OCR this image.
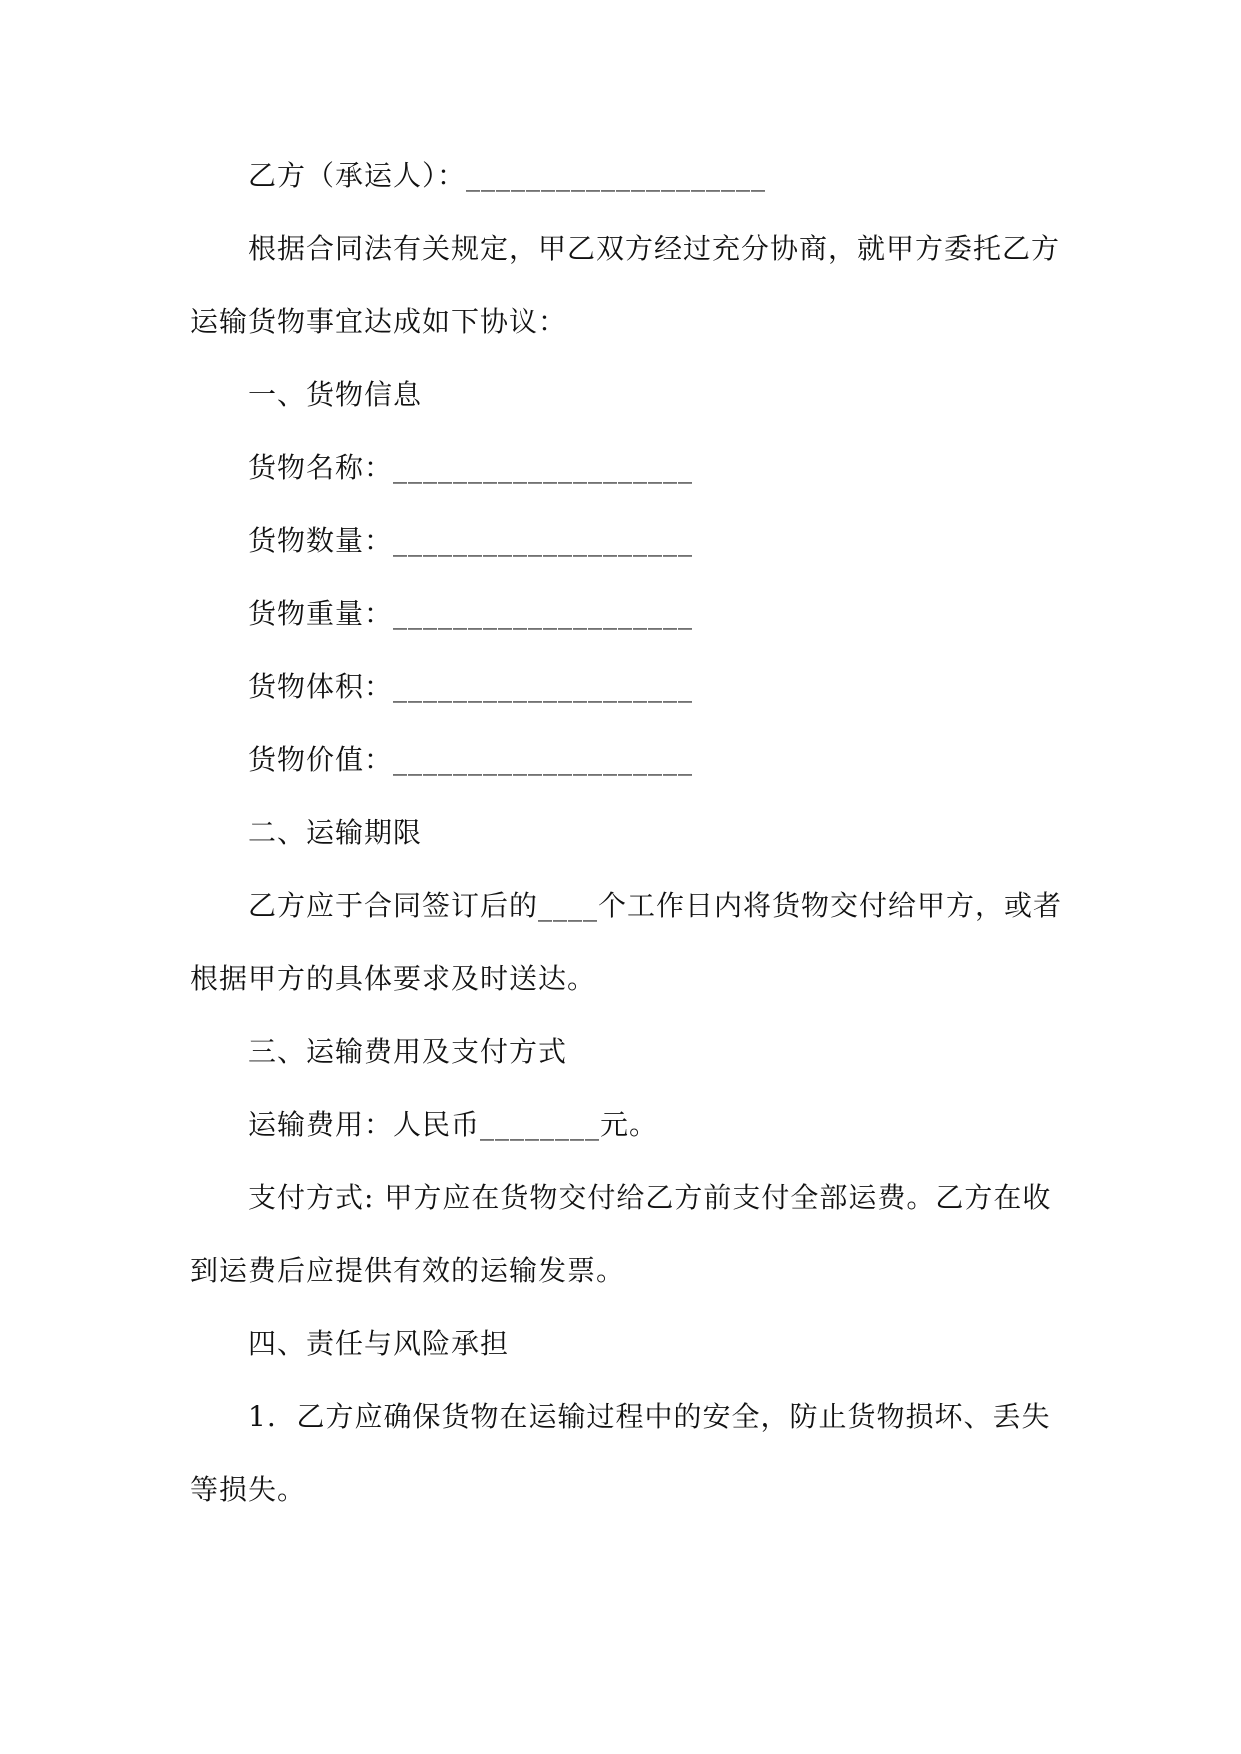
乙方（承运人）：____________________
根据合同法有关规定，甲乙双方经过充分协商，就甲方委托乙方
运输货物事宜达成如下协议：
一、货物信息
货物名称：____________________
货物数量：____________________
货物重量：____________________
货物体积：____________________
货物价值：____________________
二、运输期限
乙方应于合同签订后的____个工作日内将货物交付给甲方，或者
根据甲方的具体要求及时送达。
三、运输费用及支付方式
运输费用：人民币________元。
支付方式: 甲方应在货物交付给乙方前支付全部运费。乙方在收
到运费后应提供有效的运输发票。
四、责任与风险承担
1.  乙方应确保货物在运输过程中的安全，防止货物损坏、丢失
等损失。
